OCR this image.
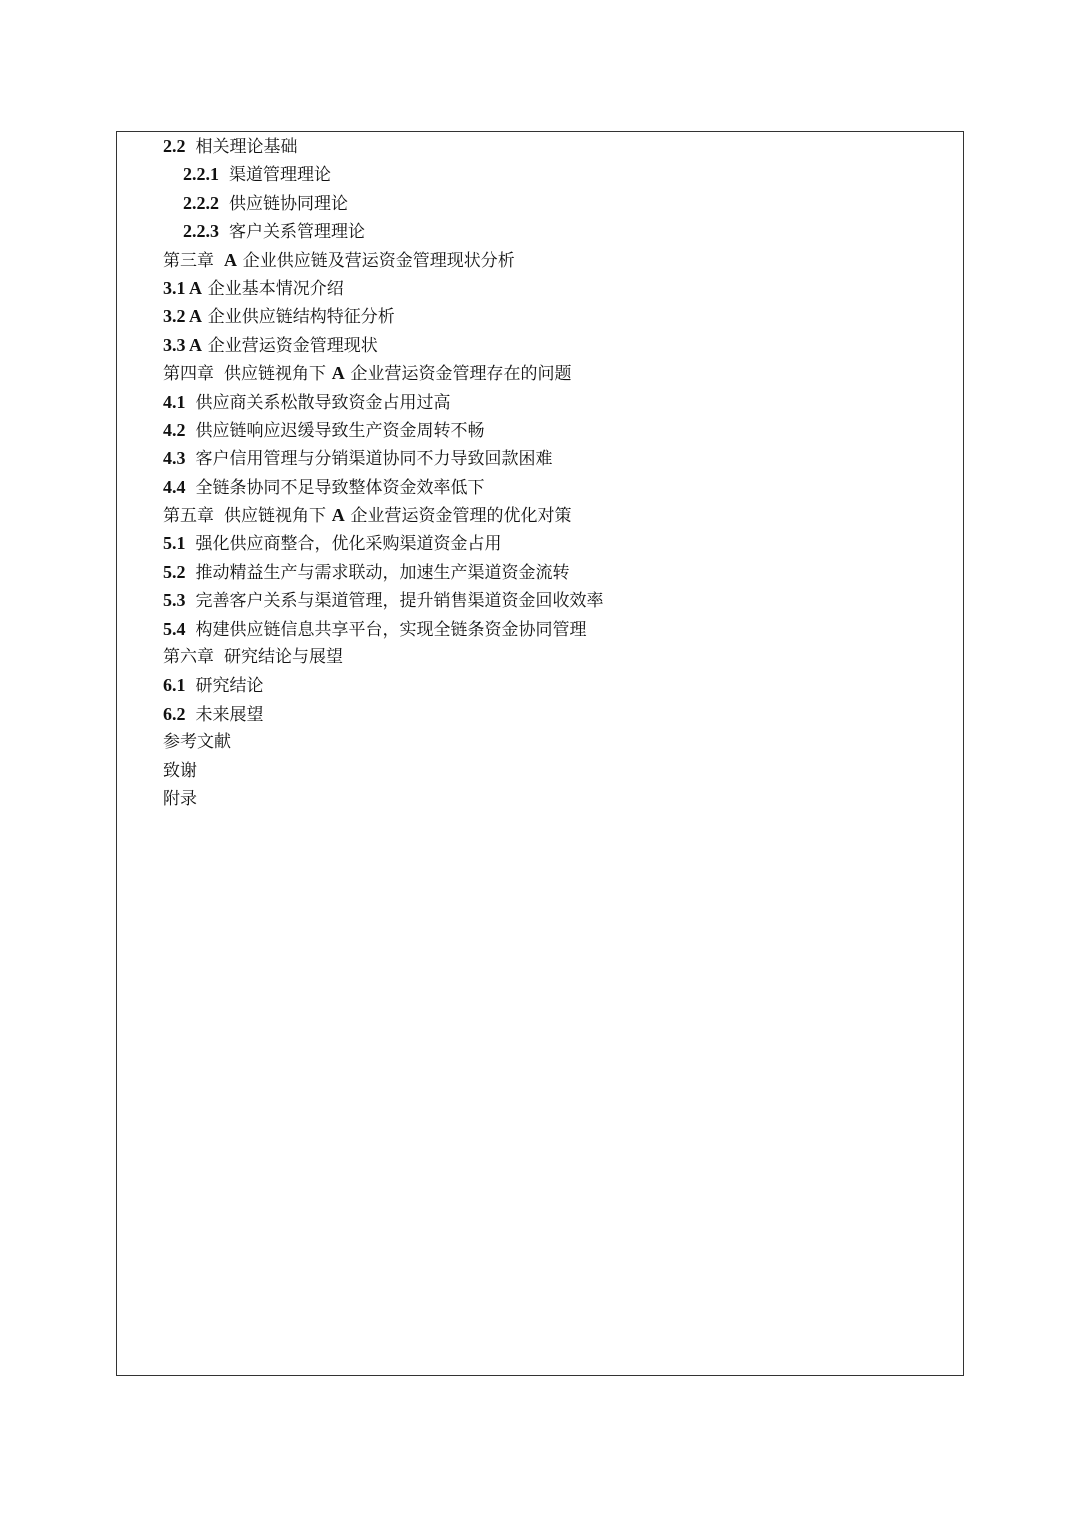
2.2 相关理论基础
2.2.1 渠道管理理论
2.2.2 供应链协同理论
2.2.3 客户关系管理理论
第三章 A 企业供应链及营运资金管理现状分析
3.1 A 企业基本情况介绍
3.2 A 企业供应链结构特征分析
3.3 A 企业营运资金管理现状
第四章 供应链视角下 A 企业营运资金管理存在的问题
4.1 供应商关系松散导致资金占用过高
4.2 供应链响应迟缓导致生产资金周转不畅
4.3 客户信用管理与分销渠道协同不力导致回款困难
4.4 全链条协同不足导致整体资金效率低下
第五章 供应链视角下 A 企业营运资金管理的优化对策
5.1 强化供应商整合，优化采购渠道资金占用
5.2 推动精益生产与需求联动，加速生产渠道资金流转
5.3 完善客户关系与渠道管理，提升销售渠道资金回收效率
5.4 构建供应链信息共享平台，实现全链条资金协同管理
第六章 研究结论与展望
6.1 研究结论
6.2 未来展望
参考文献
致谢
附录
